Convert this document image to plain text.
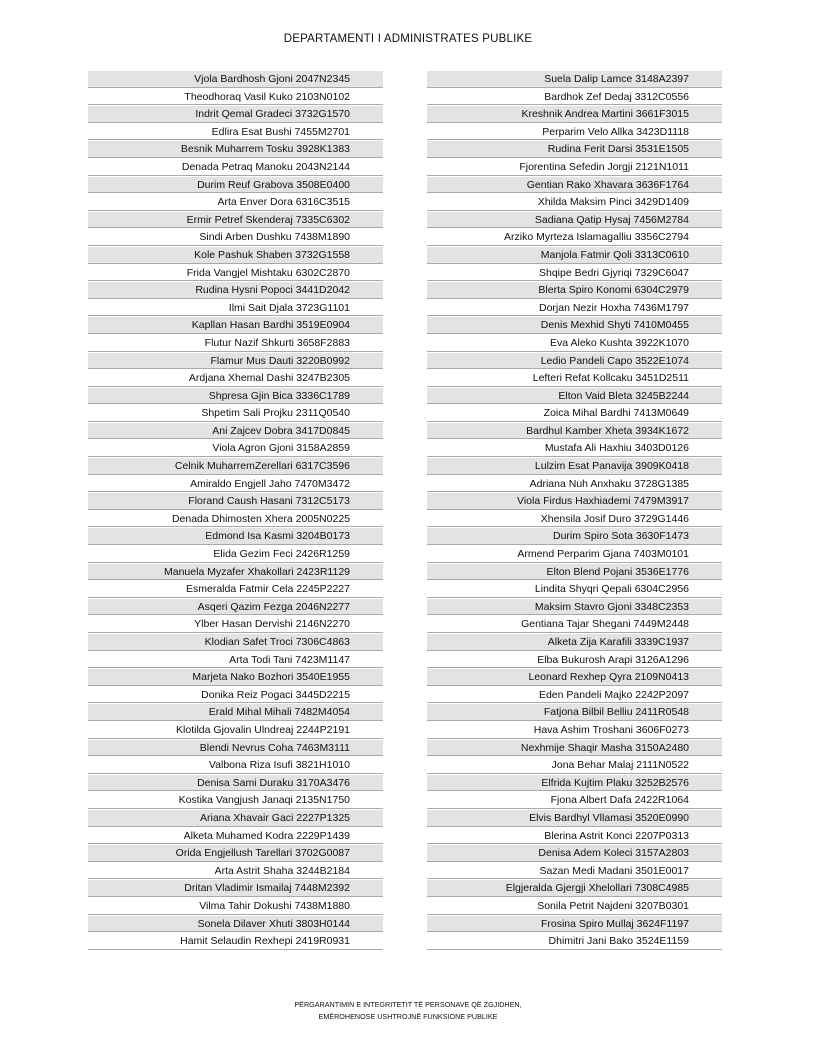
DEPARTAMENTI I ADMINISTRATES PUBLIKE
Vjola Bardhosh Gjoni 2047N2345
Theodhoraq Vasil Kuko 2103N0102
Indrit Qemal Gradeci 3732G1570
Edlira Esat Bushi 7455M2701
Besnik Muharrem Tosku 3928K1383
Denada Petraq Manoku 2043N2144
Durim Reuf Grabova 3508E0400
Arta Enver Dora 6316C3515
Ermir Petref Skenderaj 7335C6302
Sindi Arben Dushku 7438M1890
Kole Pashuk Shaben 3732G1558
Frida Vangjel Mishtaku 6302C2870
Rudina Hysni Popoci 3441D2042
Ilmi Sait Djala 3723G1101
Kapllan Hasan Bardhi 3519E0904
Flutur Nazif Shkurti 3658F2883
Flamur Mus Dauti 3220B0992
Ardjana Xhemal Dashi 3247B2305
Shpresa Gjin Bica 3336C1789
Shpetim Sali Projku 2311Q0540
Ani Zajcev Dobra 3417D0845
Viola Agron Gjoni 3158A2859
Celnik MuharremZerellari 6317C3596
Amiraldo Engjell Jaho 7470M3472
Florand Caush Hasani 7312C5173
Denada Dhimosten Xhera 2005N0225
Edmond Isa Kasmi 3204B0173
Elida Gezim Feci 2426R1259
Manuela Myzafer Xhakollari 2423R1129
Esmeralda Fatmir Cela 2245P2227
Asqeri Qazim Fezga 2046N2277
Ylber Hasan Dervishi 2146N2270
Klodian Safet Troci 7306C4863
Arta Todi Tani 7423M1147
Marjeta Nako Bozhori 3540E1955
Donika Reiz Pogaci 3445D2215
Erald Mihal Mihali 7482M4054
Klotilda Gjovalin Ulndreaj 2244P2191
Blendi Nevrus Coha 7463M3111
Valbona Riza Isufi 3821H1010
Denisa Sami Duraku 3170A3476
Kostika Vangjush Janaqi 2135N1750
Ariana Xhavair Gaci 2227P1325
Alketa Muhamed Kodra 2229P1439
Orida Engjellush Tarellari 3702G0087
Arta Astrit Shaha 3244B2184
Dritan Vladimir Ismailaj 7448M2392
Vilma Tahir Dokushi 7438M1880
Sonela Dilaver Xhuti 3803H0144
Hamit Selaudin Rexhepi 2419R0931
Suela Dalip Lamce 3148A2397
Bardhok Zef Dedaj 3312C0556
Kreshnik Andrea Martini 3661F3015
Perparim Velo Allka 3423D1118
Rudina Ferit Darsi 3531E1505
Fjorentina Sefedin Jorgji 2121N1011
Gentian Rako Xhavara 3636F1764
Xhilda Maksim Pinci 3429D1409
Sadiana Qatip Hysaj 7456M2784
Arziko Myrteza Islamagalliu 3356C2794
Manjola Fatmir Qoli 3313C0610
Shqipe Bedri Gjyriqi 7329C6047
Blerta Spiro Konomi 6304C2979
Dorjan Nezir Hoxha 7436M1797
Denis Mexhid Shyti 7410M0455
Eva Aleko Kushta 3922K1070
Ledio Pandeli Capo 3522E1074
Lefteri Refat Kollcaku 3451D2511
Elton Vaid Bleta 3245B2244
Zoica Mihal Bardhi 7413M0649
Bardhul Kamber Xheta 3934K1672
Mustafa Ali Haxhiu 3403D0126
Lulzim Esat Panavija 3909K0418
Adriana Nuh Anxhaku 3728G1385
Viola Firdus Haxhiademi 7479M3917
Xhensila Josif Duro 3729G1446
Durim Spiro Sota 3630F1473
Armend Perparim Gjana 7403M0101
Elton Blend Pojani 3536E1776
Lindita Shyqri Qepali 6304C2956
Maksim Stavro Gjoni 3348C2353
Gentiana Tajar Shegani 7449M2448
Alketa Zija Karafili 3339C1937
Elba Bukurosh Arapi 3126A1296
Leonard Rexhep Qyra 2109N0413
Eden Pandeli Majko 2242P2097
Fatjona Bilbil Belliu 2411R0548
Hava Ashim Troshani 3606F0273
Nexhmije Shaqir Masha 3150A2480
Jona Behar Malaj 2111N0522
Elfrida Kujtim Plaku 3252B2576
Fjona Albert Dafa 2422R1064
Elvis Bardhyl Vllamasi 3520E0990
Blerina Astrit Konci 2207P0313
Denisa Adem Koleci 3157A2803
Sazan Medi Madani 3501E0017
Elgjeralda Gjergji Xhelollari 7308C4985
Sonila Petrit Najdeni 3207B0301
Frosina Spiro Mullaj 3624F1197
Dhimitri Jani Bako 3524E1159
PËRGARANTIMIN E INTEGRITETIT TË PERSONAVE QË ZGJIDHEN,
EMËROHENOSE USHTROJNË FUNKSIONE PUBLIKE
